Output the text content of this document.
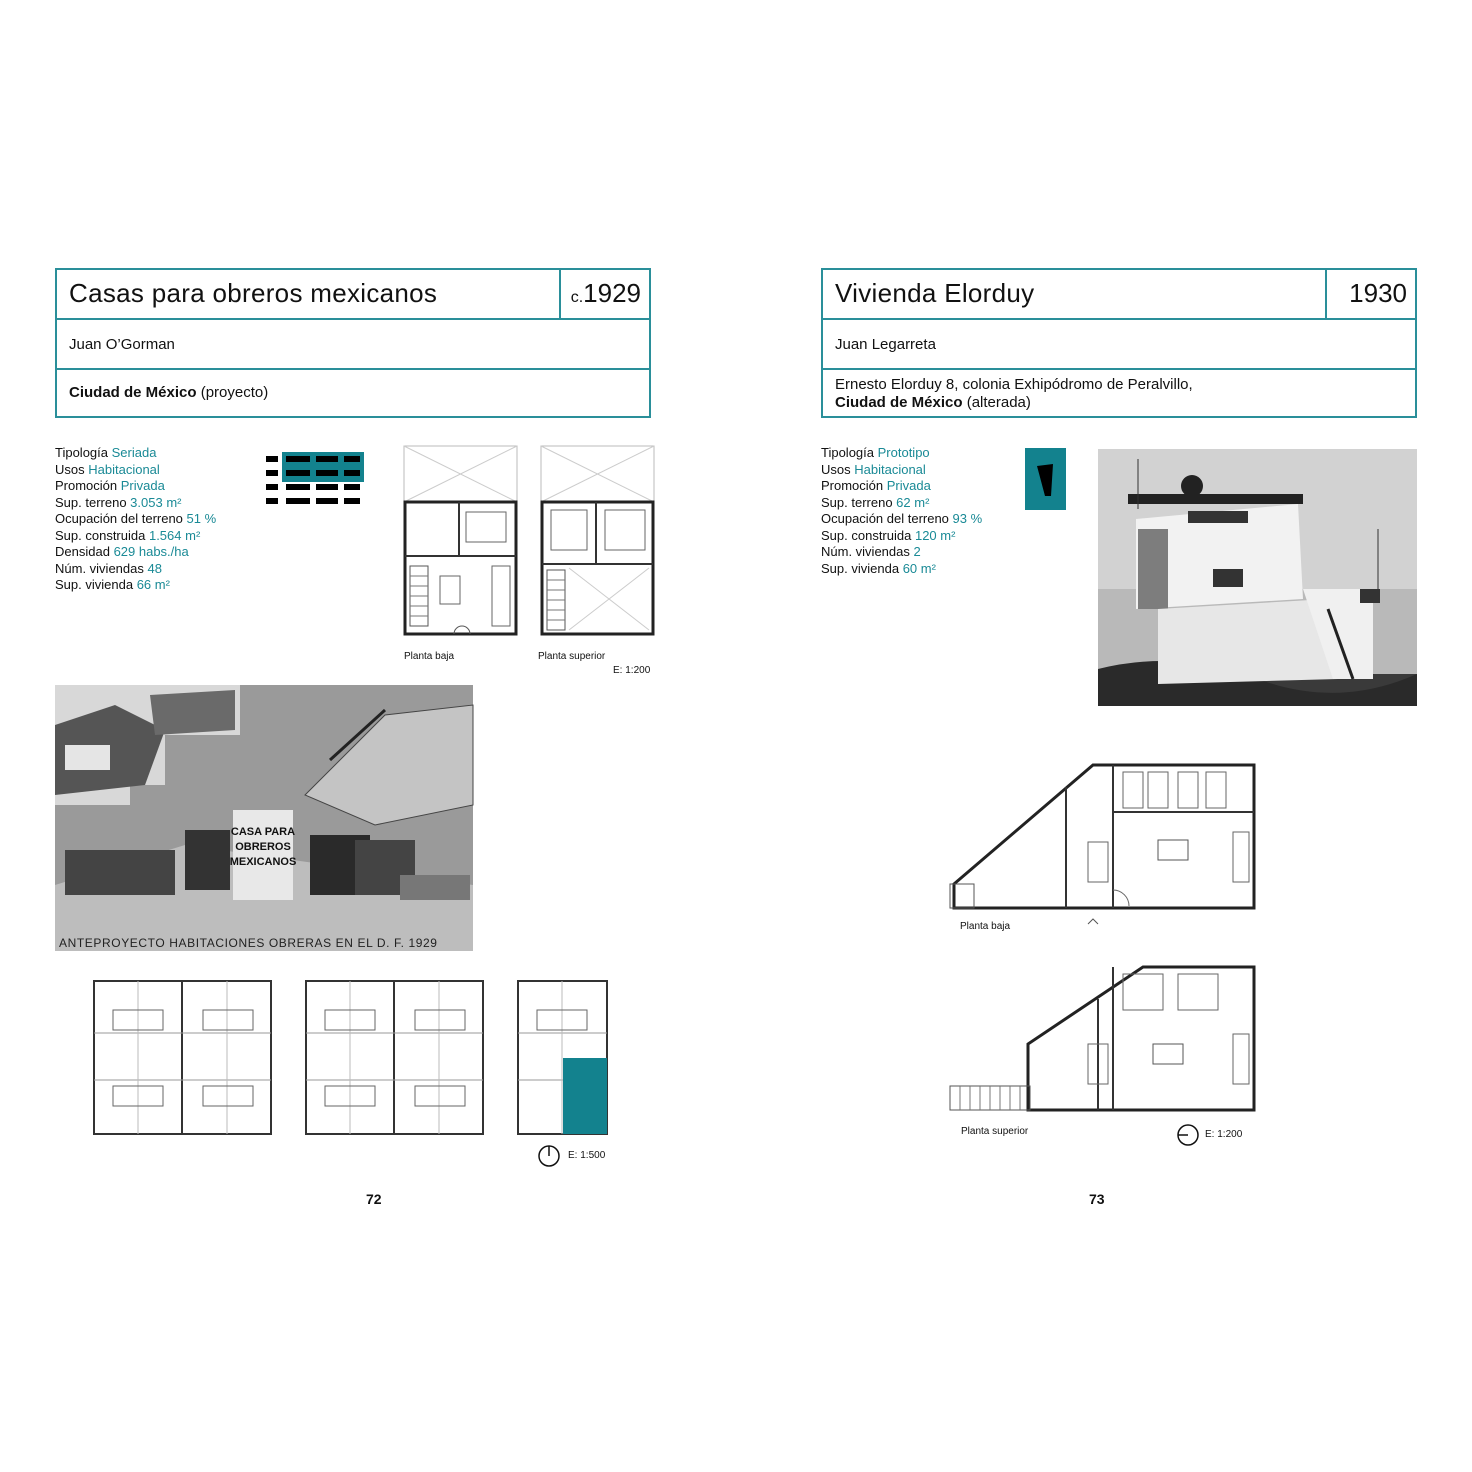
Casas para obreros mexicanos	c.1929
Juan O’Gorman
Ciudad de México (proyecto)
Tipología Seriada
Usos Habitacional
Promoción Privada
Sup. terreno 3.053 m²
Ocupación del terreno 51 %
Sup. construida 1.564 m²
Densidad 629 habs./ha
Núm. viviendas 48
Sup. vivienda 66 m²
Planta baja	Planta superior
E: 1:200
CASA PARA
OBREROS
MEXICANOS
ANTEPROYECTO HABITACIONES OBRERAS EN EL D. F. 1929
E: 1:500
72
Vivienda Elorduy	1930
Juan Legarreta
Ernesto Elorduy 8, colonia Exhipódromo de Peralvillo,
Ciudad de México (alterada)
Tipología Prototipo
Usos Habitacional
Promoción Privada
Sup. terreno 62 m²
Ocupación del terreno 93 %
Sup. construida 120 m²
Núm. viviendas 2
Sup. vivienda 60 m²
Planta baja
Planta superior	E: 1:200
73
